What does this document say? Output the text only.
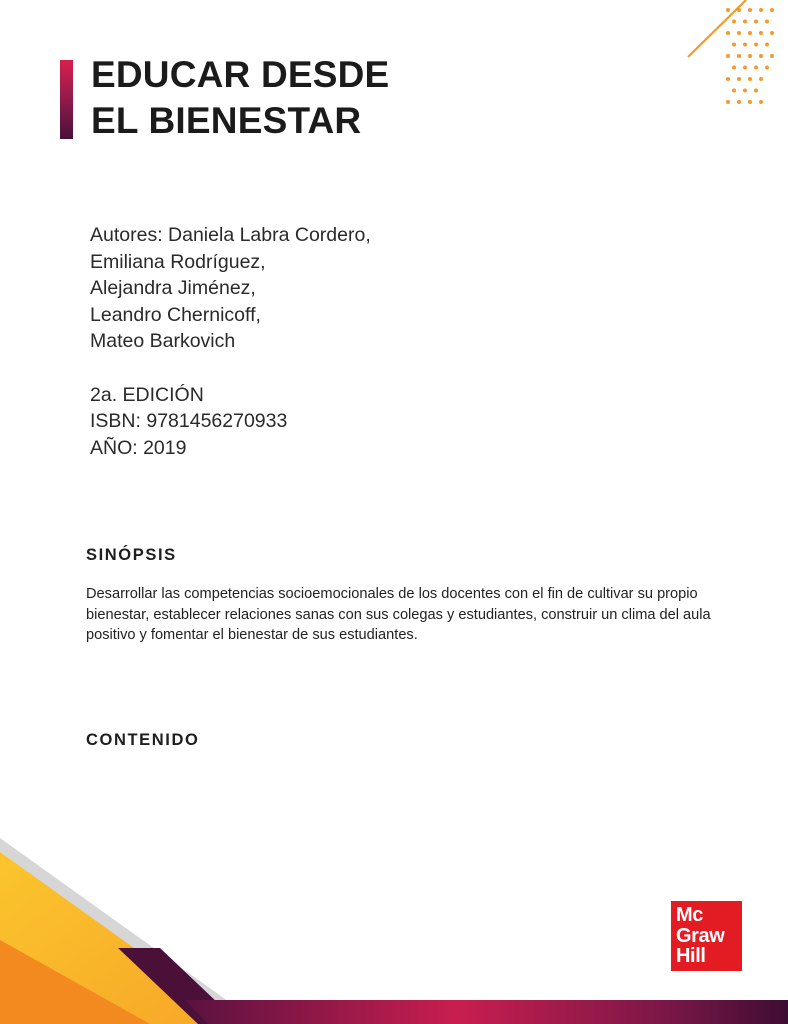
EDUCAR DESDE
EL BIENESTAR
Autores: Daniela Labra Cordero,
Emiliana Rodríguez,
Alejandra Jiménez,
Leandro Chernicoff,
Mateo Barkovich
2a. EDICIÓN
ISBN: 9781456270933
AÑO: 2019
SINÓPSIS

Desarrollar las competencias socioemocionales de los docentes con el fin de cultivar su propio bienestar, establecer relaciones sanas con sus colegas y estudiantes, construir un clima del aula positivo y fomentar el bienestar de sus estudiantes.

CONTENIDO
Mc
Graw
Hill
